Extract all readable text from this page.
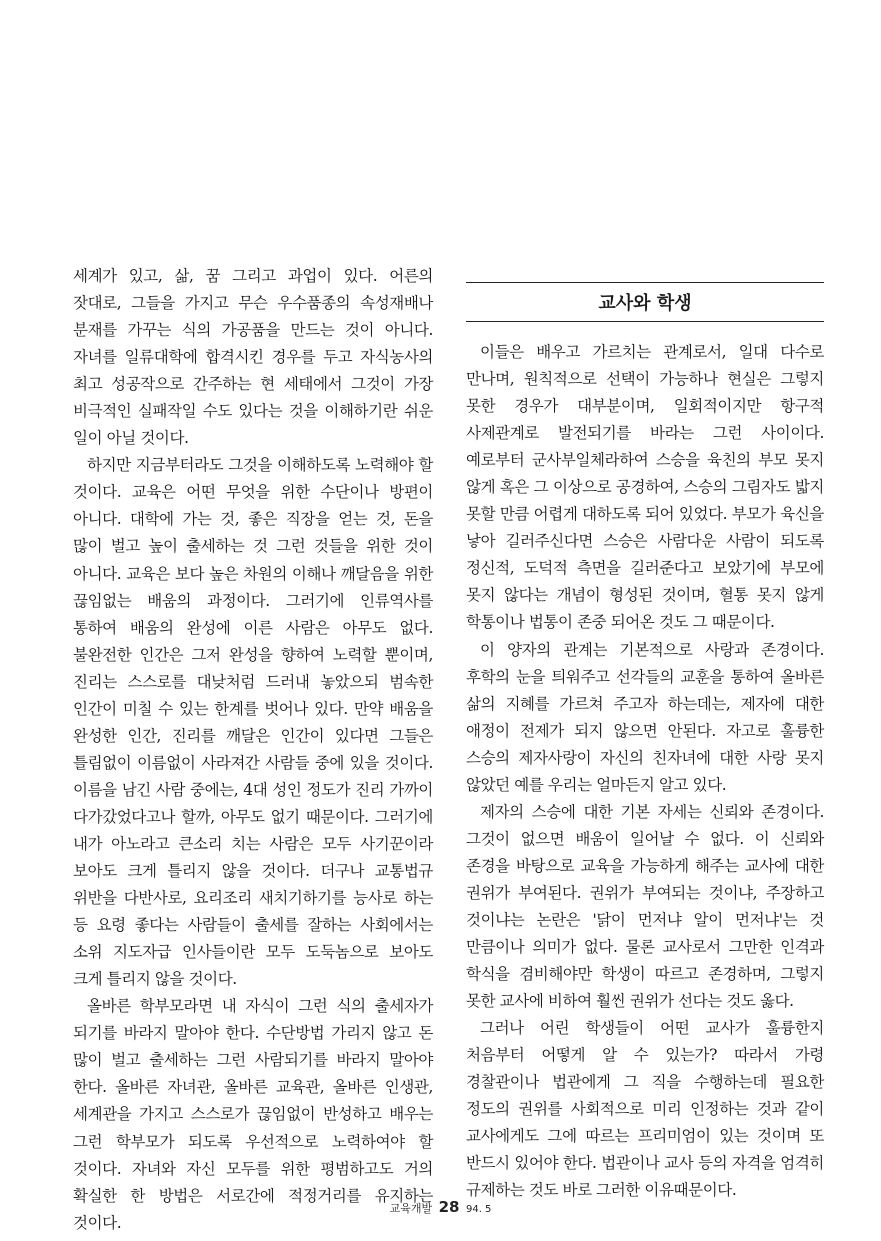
세계가 있고, 삶, 꿈 그리고 과업이 있다. 어른의 잣대로, 그들을 가지고 무슨 우수품종의 속성재배나 분재를 가꾸는 식의 가공품을 만드는 것이 아니다. 자녀를 일류대학에 합격시킨 경우를 두고 자식농사의 최고 성공작으로 간주하는 현 세태에서 그것이 가장 비극적인 실패작일 수도 있다는 것을 이해하기란 쉬운 일이 아닐 것이다.

하지만 지금부터라도 그것을 이해하도록 노력해야 할 것이다. 교육은 어떤 무엇을 위한 수단이나 방편이 아니다. 대학에 가는 것, 좋은 직장을 얻는 것, 돈을 많이 벌고 높이 출세하는 것 그런 것들을 위한 것이 아니다. 교육은 보다 높은 차원의 이해나 깨달음을 위한 끊임없는 배움의 과정이다. 그러기에 인류역사를 통하여 배움의 완성에 이른 사람은 아무도 없다. 불완전한 인간은 그저 완성을 향하여 노력할 뿐이며, 진리는 스스로를 대낮처럼 드러내 놓았으되 범속한 인간이 미칠 수 있는 한계를 벗어나 있다. 만약 배움을 완성한 인간, 진리를 깨달은 인간이 있다면 그들은 틀림없이 이름없이 사라져간 사람들 중에 있을 것이다. 이름을 남긴 사람 중에는, 4대 성인 정도가 진리 가까이 다가갔었다고나 할까, 아무도 없기 때문이다. 그러기에 내가 아노라고 큰소리 치는 사람은 모두 사기꾼이라 보아도 크게 틀리지 않을 것이다. 더구나 교통법규 위반을 다반사로, 요리조리 새치기하기를 능사로 하는 등 요령 좋다는 사람들이 출세를 잘하는 사회에서는 소위 지도자급 인사들이란 모두 도둑놈으로 보아도 크게 틀리지 않을 것이다.

올바른 학부모라면 내 자식이 그런 식의 출세자가 되기를 바라지 말아야 한다. 수단방법 가리지 않고 돈 많이 벌고 출세하는 그런 사람되기를 바라지 말아야 한다. 올바른 자녀관, 올바른 교육관, 올바른 인생관, 세계관을 가지고 스스로가 끊임없이 반성하고 배우는 그런 학부모가 되도록 우선적으로 노력하여야 할 것이다. 자녀와 자신 모두를 위한 평범하고도 거의 확실한 한 방법은 서로간에 적정거리를 유지하는 것이다.

교사와 학생

이들은 배우고 가르치는 관계로서, 일대 다수로 만나며, 원칙적으로 선택이 가능하나 현실은 그렇지 못한 경우가 대부분이며, 일회적이지만 항구적 사제관계로 발전되기를 바라는 그런 사이이다. 예로부터 군사부일체라하여 스승을 육친의 부모 못지 않게 혹은 그 이상으로 공경하여, 스승의 그림자도 밟지 못할 만큼 어렵게 대하도록 되어 있었다. 부모가 육신을 낳아 길러주신다면 스승은 사람다운 사람이 되도록 정신적, 도덕적 측면을 길러준다고 보았기에 부모에 못지 않다는 개념이 형성된 것이며, 혈통 못지 않게 학통이나 법통이 존중 되어온 것도 그 때문이다.

이 양자의 관계는 기본적으로 사랑과 존경이다. 후학의 눈을 틔워주고 선각들의 교훈을 통하여 올바른 삶의 지혜를 가르쳐 주고자 하는데는, 제자에 대한 애정이 전제가 되지 않으면 안된다. 자고로 훌륭한 스승의 제자사랑이 자신의 친자녀에 대한 사랑 못지 않았던 예를 우리는 얼마든지 알고 있다.

제자의 스승에 대한 기본 자세는 신뢰와 존경이다. 그것이 없으면 배움이 일어날 수 없다. 이 신뢰와 존경을 바탕으로 교육을 가능하게 해주는 교사에 대한 권위가 부여된다. 권위가 부여되는 것이냐, 주장하고 것이냐는 논란은 '닭이 먼저냐 알이 먼저냐'는 것 만큼이나 의미가 없다. 물론 교사로서 그만한 인격과 학식을 겸비해야만 학생이 따르고 존경하며, 그렇지 못한 교사에 비하여 훨씬 권위가 선다는 것도 옳다.

그러나 어린 학생들이 어떤 교사가 훌륭한지 처음부터 어떻게 알 수 있는가? 따라서 가령 경찰관이나 법관에게 그 직을 수행하는데 필요한 정도의 권위를 사회적으로 미리 인정하는 것과 같이 교사에게도 그에 따르는 프리미엄이 있는 것이며 또 반드시 있어야 한다. 법관이나 교사 등의 자격을 엄격히 규제하는 것도 바로 그러한 이유때문이다.

교육개발 28 94. 5
